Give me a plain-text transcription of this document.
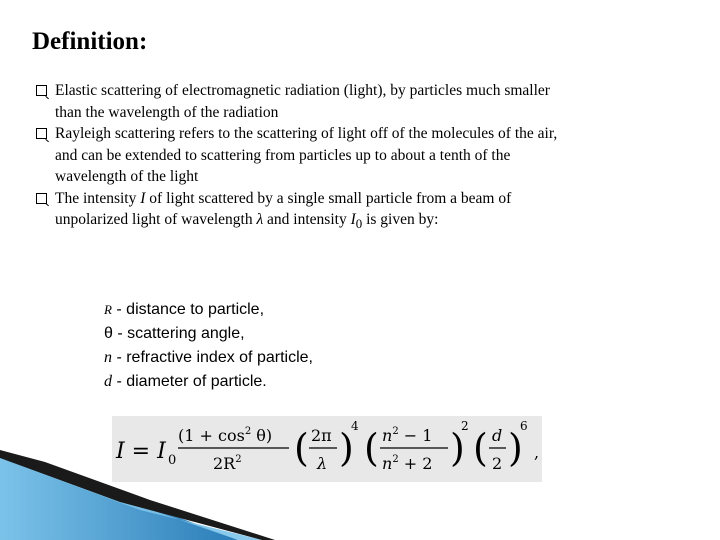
Definition:
Elastic scattering of electromagnetic radiation (light), by particles much smaller
than the wavelength of the radiation
Rayleigh scattering refers to the scattering of light off of the molecules of the air,
and can be extended to scattering from particles up to about a tenth of the
wavelength of the light
The intensity I of light scattered by a single small particle from a beam of
unpolarized light of wavelength λ and intensity $I_0$ is given by:
R - distance to particle,
θ - scattering angle,
n - refractive index of particle,
d - diameter of particle.
I = I 0
$(1 + \cos^2 \theta)$
$2R^2$ ( 2π
λ )
4 ( $n^2 - 1$
$n^2 + 2$ )
2 ( d
2 )
6
,
